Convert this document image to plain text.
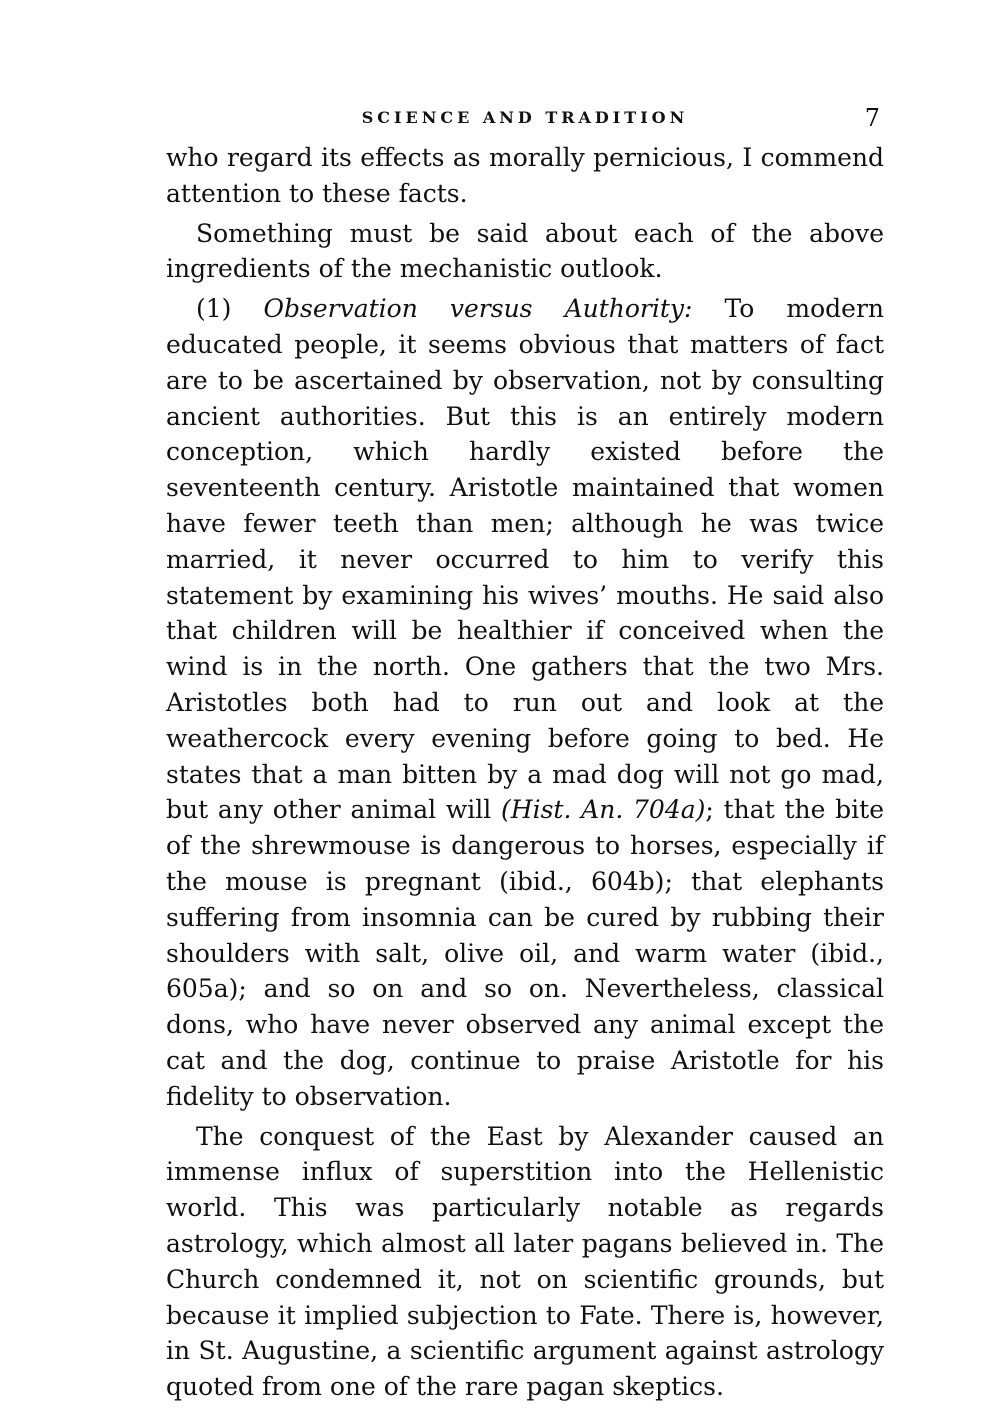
SCIENCE AND TRADITION	7

who regard its effects as morally pernicious, I commend attention to these facts.

Something must be said about each of the above ingredients of the mechanistic outlook.

(1) Observation versus Authority: To modern educated people, it seems obvious that matters of fact are to be ascertained by observation, not by consulting ancient authorities. But this is an entirely modern conception, which hardly existed before the seventeenth century. Aristotle maintained that women have fewer teeth than men; although he was twice married, it never occurred to him to verify this statement by examining his wives’ mouths. He said also that children will be healthier if conceived when the wind is in the north. One gathers that the two Mrs. Aristotles both had to run out and look at the weathercock every evening before going to bed. He states that a man bitten by a mad dog will not go mad, but any other animal will (Hist. An. 704a); that the bite of the shrewmouse is dangerous to horses, especially if the mouse is pregnant (ibid., 604b); that elephants suffering from insomnia can be cured by rubbing their shoulders with salt, olive oil, and warm water (ibid., 605a); and so on and so on. Nevertheless, classical dons, who have never observed any animal except the cat and the dog, continue to praise Aristotle for his fidelity to observation.

The conquest of the East by Alexander caused an immense influx of superstition into the Hellenistic world. This was particularly notable as regards astrology, which almost all later pagans believed in. The Church condemned it, not on scientific grounds, but because it implied subjection to Fate. There is, however, in St. Augustine, a scientific argument against astrology quoted from one of the rare pagan skeptics.
